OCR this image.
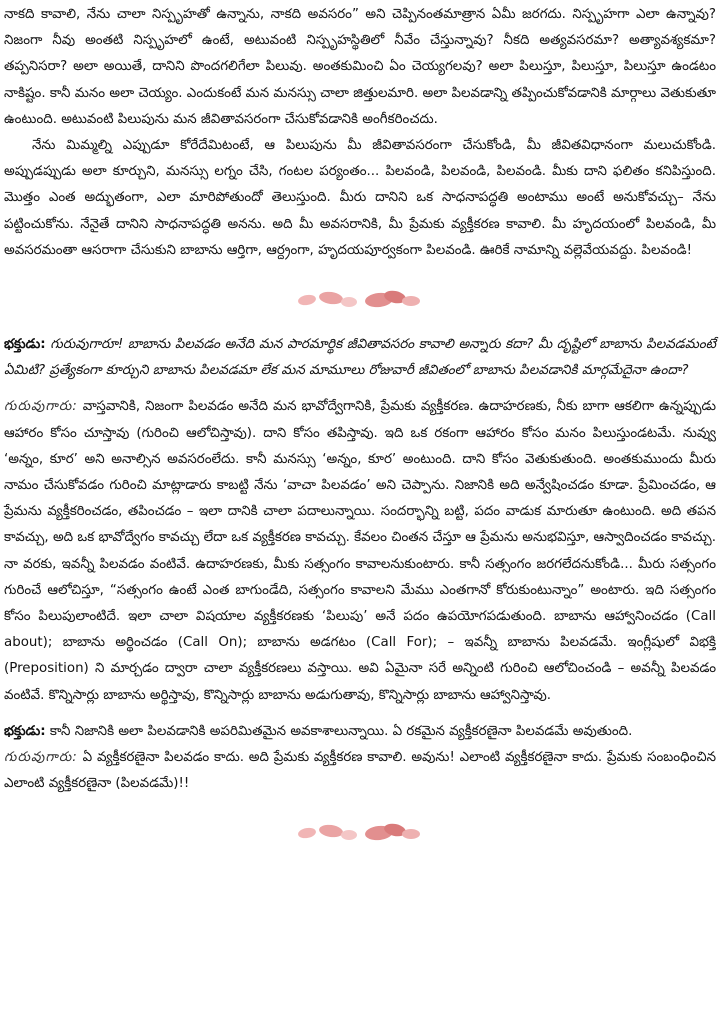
నాకది కావాలి, నేను చాలా నిస్పృహతో ఉన్నాను, నాకది అవసరం” అని చెప్పినంతమాత్రాన ఏమీ జరగదు. నిస్పృహగా ఎలా ఉన్నావు? నిజంగా నీవు అంతటి నిస్పృహలో ఉంటే, అటువంటి నిస్పృహస్థితిలో నీవేం చేస్తున్నావు? నీకది అత్యవసరమా? అత్యావశ్యకమా? తప్పనిసరా? అలా అయితే, దానిని పొందగలిగేలా పిలువు. అంతకుమించి ఏం చెయ్యగలవు? అలా పిలుస్తూ, పిలుస్తూ, పిలుస్తూ ఉండటం నాకిష్టం. కానీ మనం అలా చెయ్యం. ఎందుకంటే మన మనస్సు చాలా జిత్తులమారి. అలా పిలవడాన్ని తప్పించుకోవడానికి మార్గాలు వెతుకుతూ ఉంటుంది. అటువంటి పిలుపును మన జీవితావసరంగా చేసుకోవడానికి అంగీకరించదు.

నేను మిమ్మల్ని ఎప్పుడూ కోరేదేమిటంటే, ఆ పిలుపును మీ జీవితావసరంగా చేసుకోండి, మీ జీవితవిధానంగా మలుచుకోండి. అప్పుడప్పుడు అలా కూర్చుని, మనస్సు లగ్నం చేసి, గంటల పర్యంతం... పిలవండి, పిలవండి, పిలవండి. మీకు దాని ఫలితం కనిపిస్తుంది. మొత్తం ఎంత అద్భుతంగా, ఎలా మారిపోతుందో తెలుస్తుంది. మీరు దానిని ఒక సాధనాపద్ధతి అంటాము అంటే అనుకోవచ్చు– నేను పట్టించుకోను. నేనైతే దానిని సాధనాపద్ధతి అనను. అది మీ అవసరానికి, మీ ప్రేమకు వ్యక్తీకరణ కావాలి. మీ హృదయంలో పిలవండి, మీ అవసరమంతా ఆసరాగా చేసుకుని బాబాను ఆర్తిగా, ఆర్ద్రంగా, హృదయపూర్వకంగా పిలవండి. ఊరికే నామాన్ని వల్లెవేయవద్దు. పిలవండి!

భక్తుడు: గురువుగారూ! బాబాను పిలవడం అనేది మన పారమార్థిక జీవితావసరం కావాలి అన్నారు కదా? మీ దృష్టిలో బాబాను పిలవడమంటే ఏమిటి? ప్రత్యేకంగా కూర్చుని బాబాను పిలవడమా లేక మన మామూలు రోజువారీ జీవితంలో బాబాను పిలవడానికి మార్గమేదైనా ఉందా?

గురువుగారు: వాస్తవానికి, నిజంగా పిలవడం అనేది మన భావోద్వేగానికి, ప్రేమకు వ్యక్తీకరణ. ఉదాహరణకు, నీకు బాగా ఆకలిగా ఉన్నప్పుడు ఆహారం కోసం చూస్తావు (గురించి ఆలోచిస్తావు). దాని కోసం తపిస్తావు. ఇది ఒక రకంగా ఆహారం కోసం మనం పిలుస్తుండటమే. నువ్వు ‘అన్నం, కూర’ అని అనాల్సిన అవసరంలేదు. కానీ మనస్సు ‘అన్నం, కూర’ అంటుంది. దాని కోసం వెతుకుతుంది. అంతకుముందు మీరు నామం చేసుకోవడం గురించి మాట్లాడారు కాబట్టి నేను ‘వాచా పిలవడం’ అని చెప్పాను. నిజానికి అది అన్వేషించడం కూడా. ప్రేమించడం, ఆ ప్రేమను వ్యక్తీకరించడం, తపించడం – ఇలా దానికి చాలా పదాలున్నాయి. సందర్భాన్ని బట్టి, పదం వాడుక మారుతూ ఉంటుంది. అది తపన కావచ్చు, అది ఒక భావోద్వేగం కావచ్చు లేదా ఒక వ్యక్తీకరణ కావచ్చు. కేవలం చింతన చేస్తూ ఆ ప్రేమను అనుభవిస్తూ, ఆస్వాదించడం కావచ్చు. నా వరకు, ఇవన్నీ పిలవడం వంటివే. ఉదాహరణకు, మీకు సత్సంగం కావాలనుకుంటారు. కానీ సత్సంగం జరగలేదనుకోండి... మీరు సత్సంగం గురించే ఆలోచిస్తూ, “సత్సంగం ఉంటే ఎంత బాగుండేది, సత్సంగం కావాలని మేము ఎంతగానో కోరుకుంటున్నాం” అంటారు. ఇది సత్సంగం కోసం పిలుపులాంటిదే. ఇలా చాలా విషయాల వ్యక్తీకరణకు ‘పిలుపు’ అనే పదం ఉపయోగపడుతుంది. బాబాను ఆహ్వానించడం (Call about); బాబాను అర్థించడం (Call On); బాబాను అడగటం (Call For); – ఇవన్నీ బాబాను పిలవడమే. ఇంగ్లీషులో విభక్తి (Preposition) ని మార్చడం ద్వారా చాలా వ్యక్తీకరణలు వస్తాయి. అవి ఏమైనా సరే అన్నింటి గురించి ఆలోచించండి – అవన్నీ పిలవడం వంటివే. కొన్నిసార్లు బాబాను అర్థిస్తావు, కొన్నిసార్లు బాబాను అడుగుతావు, కొన్నిసార్లు బాబాను ఆహ్వానిస్తావు.

భక్తుడు: కానీ నిజానికి అలా పిలవడానికి అపరిమితమైన అవకాశాలున్నాయి. ఏ రకమైన వ్యక్తీకరణైనా పిలవడమే అవుతుంది.

గురువుగారు: ఏ వ్యక్తీకరణైనా పిలవడం కాదు. అది ప్రేమకు వ్యక్తీకరణ కావాలి. అవును! ఎలాంటి వ్యక్తీకరణైనా కాదు. ప్రేమకు సంబంధించిన ఎలాంటి వ్యక్తీకరణైనా (పిలవడమే)!!
